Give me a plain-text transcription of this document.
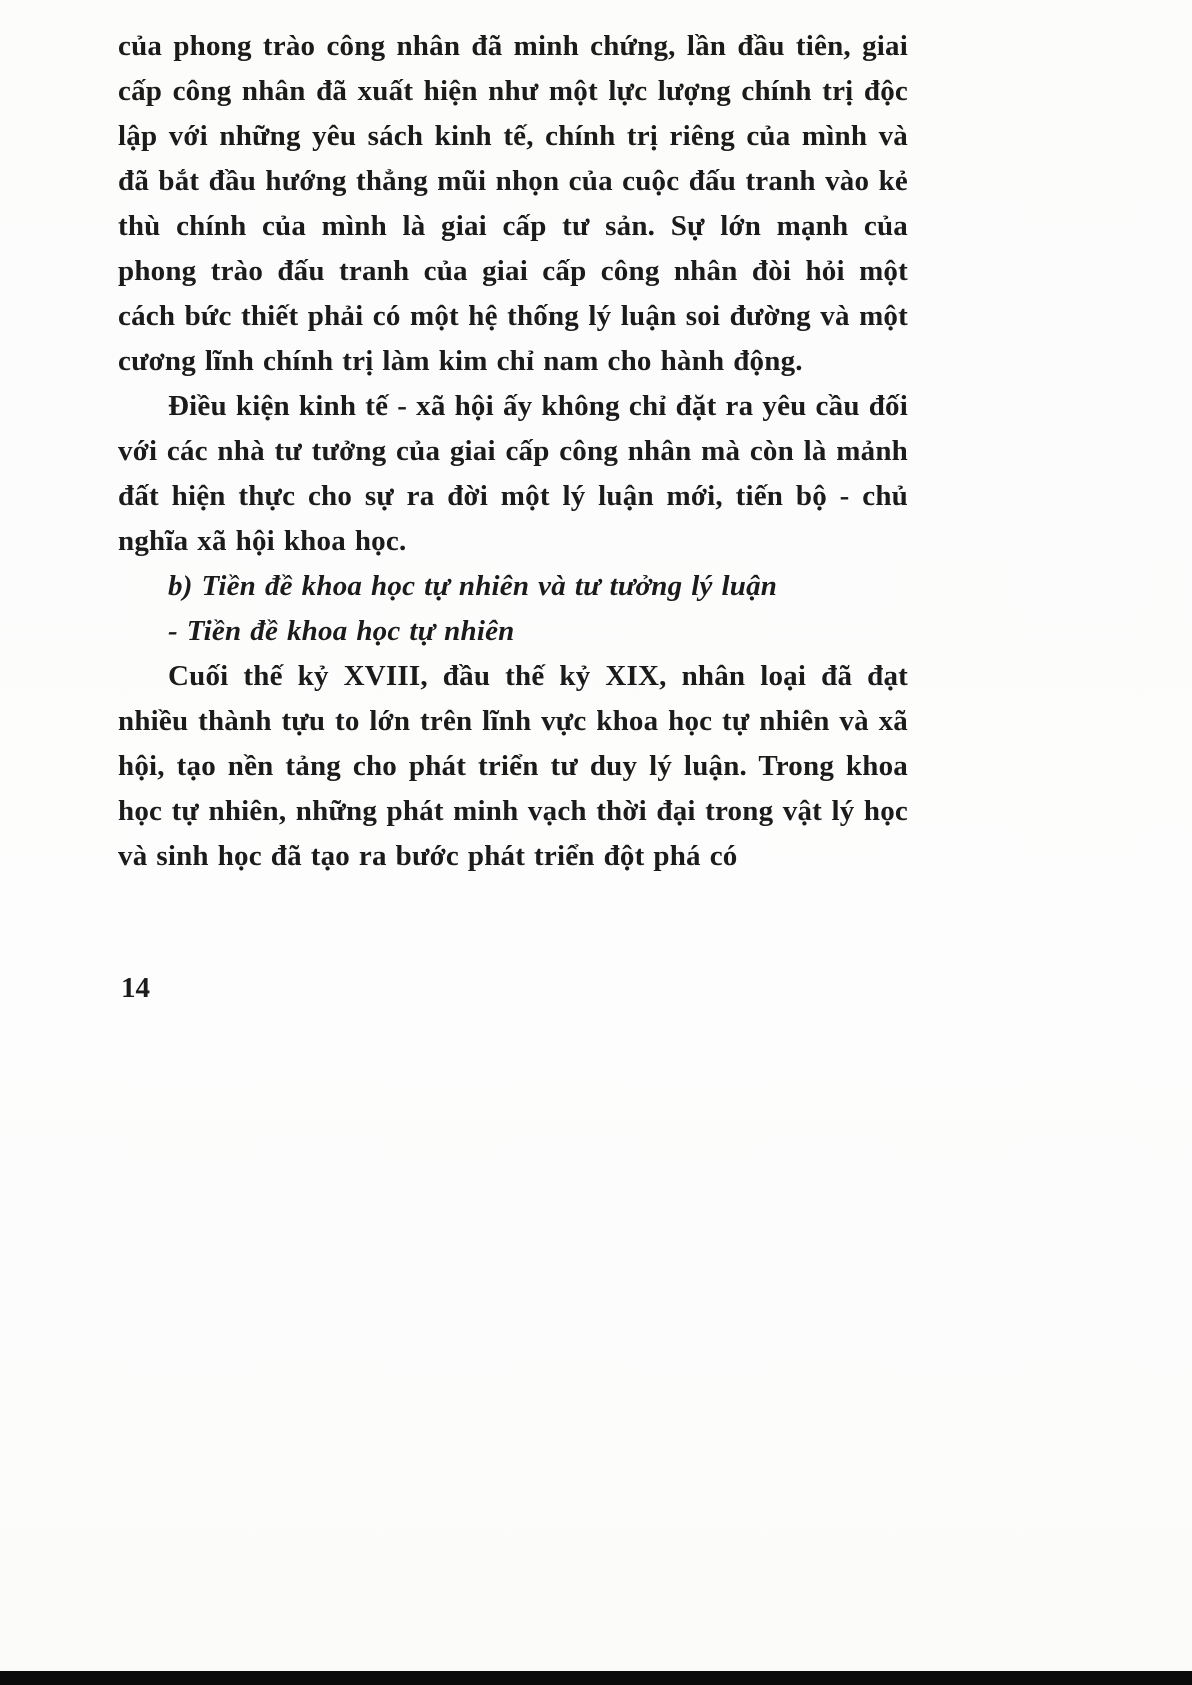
của phong trào công nhân đã minh chứng, lần đầu tiên, giai cấp công nhân đã xuất hiện như một lực lượng chính trị độc lập với những yêu sách kinh tế, chính trị riêng của mình và đã bắt đầu hướng thẳng mũi nhọn của cuộc đấu tranh vào kẻ thù chính của mình là giai cấp tư sản. Sự lớn mạnh của phong trào đấu tranh của giai cấp công nhân đòi hỏi một cách bức thiết phải có một hệ thống lý luận soi đường và một cương lĩnh chính trị làm kim chỉ nam cho hành động.

Điều kiện kinh tế - xã hội ấy không chỉ đặt ra yêu cầu đối với các nhà tư tưởng của giai cấp công nhân mà còn là mảnh đất hiện thực cho sự ra đời một lý luận mới, tiến bộ - chủ nghĩa xã hội khoa học.

b) Tiền đề khoa học tự nhiên và tư tưởng lý luận

- Tiền đề khoa học tự nhiên

Cuối thế kỷ XVIII, đầu thế kỷ XIX, nhân loại đã đạt nhiều thành tựu to lớn trên lĩnh vực khoa học tự nhiên và xã hội, tạo nền tảng cho phát triển tư duy lý luận. Trong khoa học tự nhiên, những phát minh vạch thời đại trong vật lý học và sinh học đã tạo ra bước phát triển đột phá có

14
